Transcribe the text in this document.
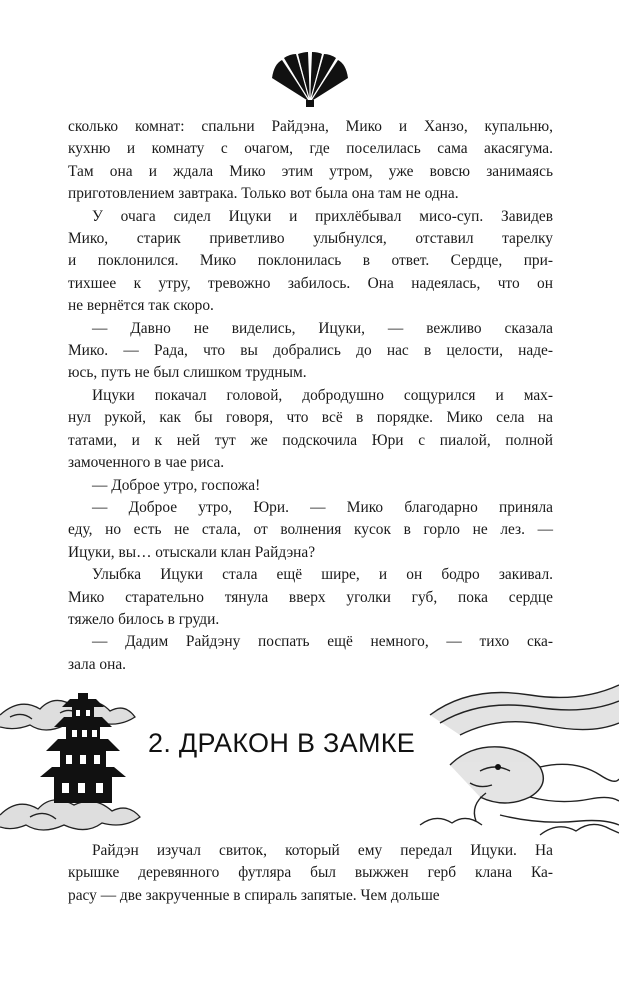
сколько комнат: спальни Райдэна, Мико и Ханзо, купальню,
кухню и комнату с очагом, где поселилась сама акасягума.
Там она и ждала Мико этим утром, уже вовсю занимаясь
приготовлением завтрака. Только вот была она там не одна.

У очага сидел Ицуки и прихлёбывал мисо-суп. Завидев
Мико, старик приветливо улыбнулся, отставил тарелку
и поклонился. Мико поклонилась в ответ. Сердце, при-
тихшее к утру, тревожно забилось. Она надеялась, что он
не вернётся так скоро.

— Давно не виделись, Ицуки, — вежливо сказала
Мико. — Рада, что вы добрались до нас в целости, наде-
юсь, путь не был слишком трудным.

Ицуки покачал головой, добродушно сощурился и мах-
нул рукой, как бы говоря, что всё в порядке. Мико села на
татами, и к ней тут же подскочила Юри с пиалой, полной
замоченного в чае риса.

— Доброе утро, госпожа!

— Доброе утро, Юри. — Мико благодарно приняла
еду, но есть не стала, от волнения кусок в горло не лез. —
Ицуки, вы… отыскали клан Райдэна?

Улыбка Ицуки стала ещё шире, и он бодро закивал.
Мико старательно тянула вверх уголки губ, пока сердце
тяжело билось в груди.

— Дадим Райдэну поспать ещё немного, — тихо ска-
зала она.

2. ДРАКОН В ЗАМКЕ

Райдэн изучал свиток, который ему передал Ицуки. На
крышке деревянного футляра был выжжен герб клана Ка-
расу — две закрученные в спираль запятые. Чем дольше
